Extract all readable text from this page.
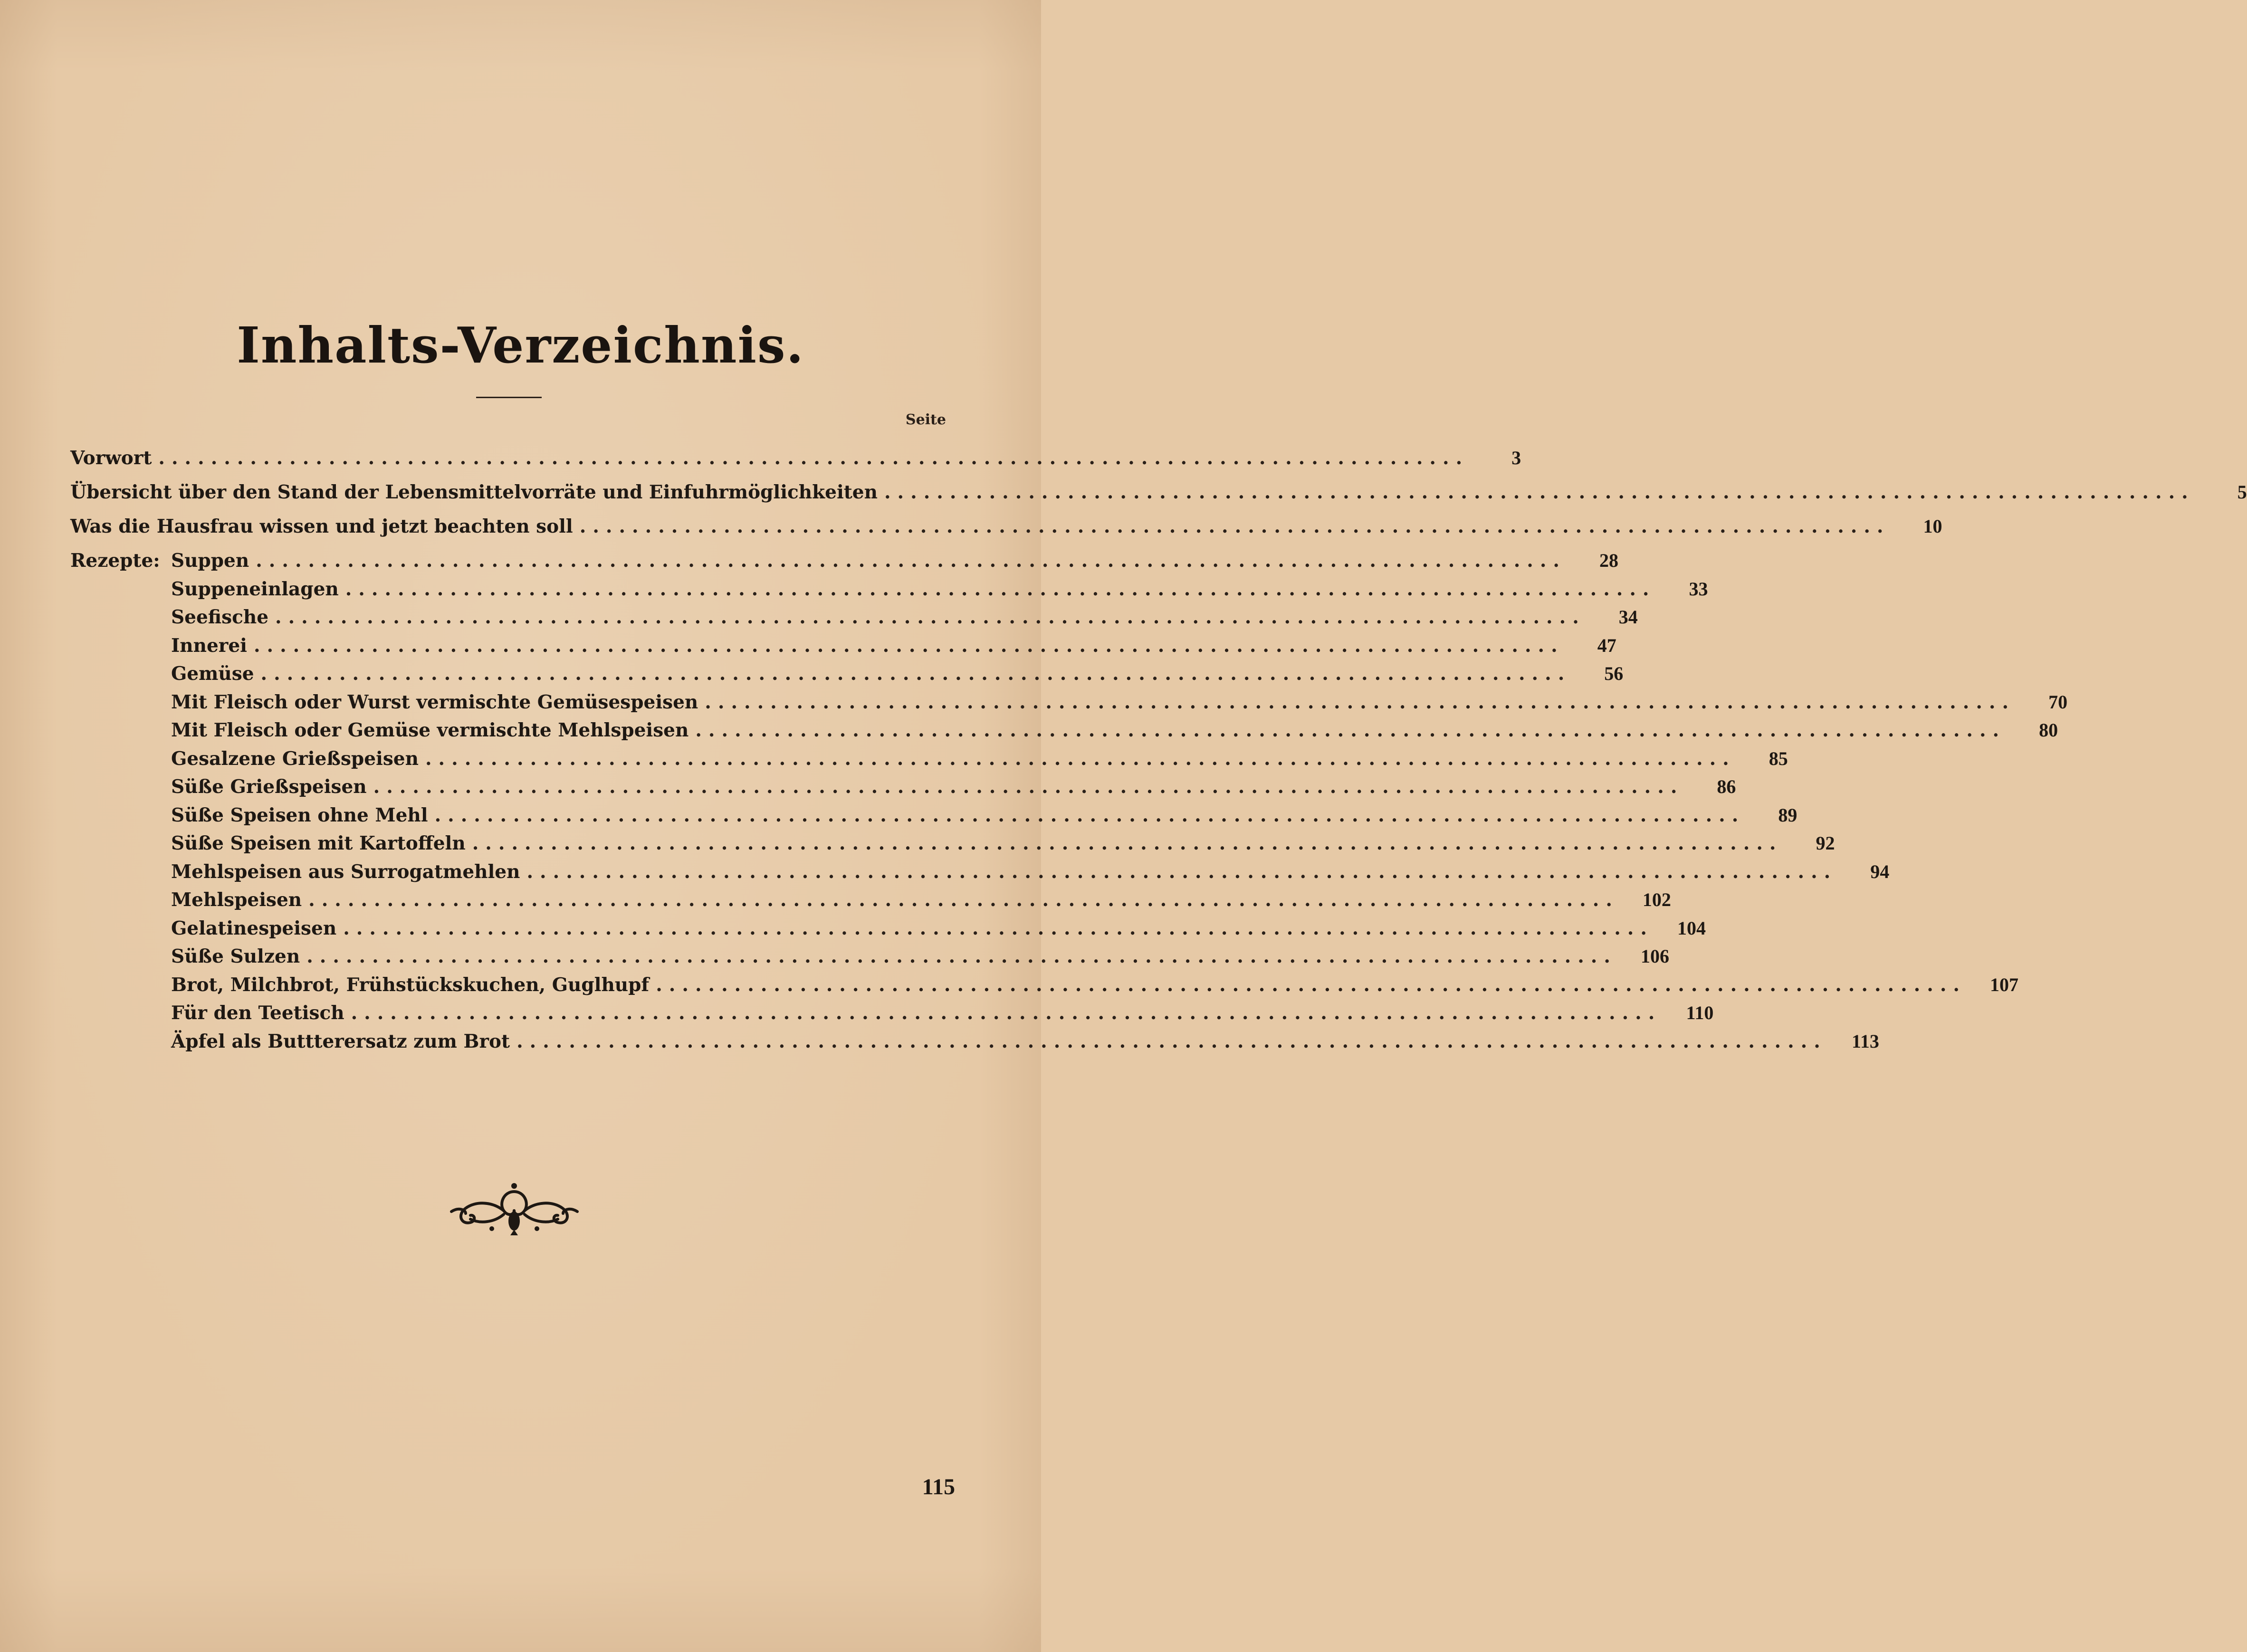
Inhalts-Verzeichnis.
Seite
Vorwort ....................................................................................................	3
Übersicht über den Stand der Lebensmittelvorräte und Einfuhrmöglichkeiten ....................................................................................................	5
Was die Hausfrau wissen und jetzt beachten soll ....................................................................................................	10
Rezepte: Suppen ....................................................................................................	28
Suppeneinlagen ....................................................................................................	33
Seefische ....................................................................................................	34
Innerei ....................................................................................................	47
Gemüse ....................................................................................................	56
Mit Fleisch oder Wurst vermischte Gemüsespeisen ....................................................................................................	70
Mit Fleisch oder Gemüse vermischte Mehlspeisen ....................................................................................................	80
Gesalzene Grießspeisen ....................................................................................................	85
Süße Grießspeisen ....................................................................................................	86
Süße Speisen ohne Mehl ....................................................................................................	89
Süße Speisen mit Kartoffeln ....................................................................................................	92
Mehlspeisen aus Surrogatmehlen ....................................................................................................	94
Mehlspeisen ....................................................................................................	102
Gelatinespeisen ....................................................................................................	104
Süße Sulzen ....................................................................................................	106
Brot, Milchbrot, Frühstückskuchen, Guglhupf ....................................................................................................	107
Für den Teetisch ....................................................................................................	110
Äpfel als Buttterersatz zum Brot ....................................................................................................	113
115
